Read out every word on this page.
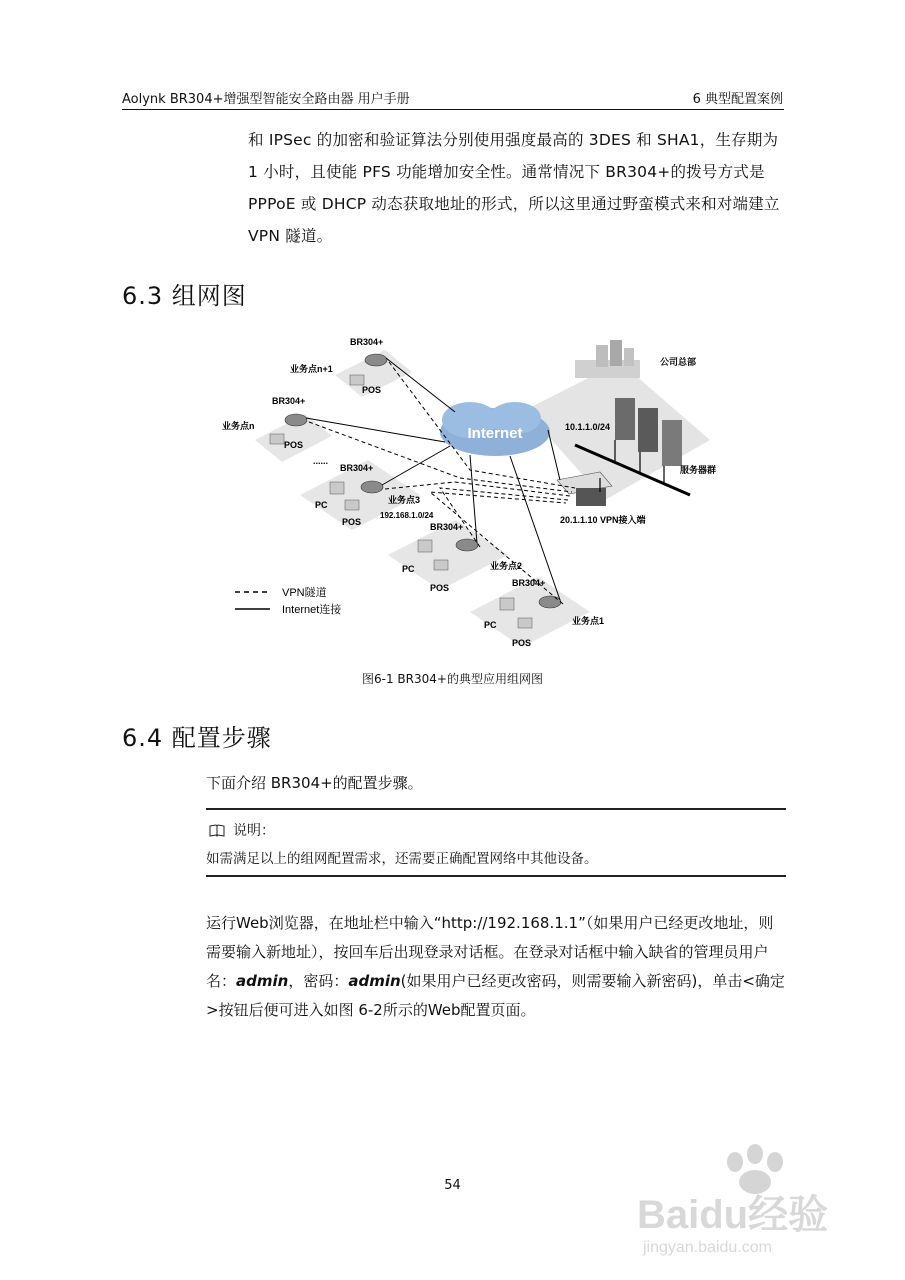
Aolynk BR304+增强型智能安全路由器 用户手册	6 典型配置案例
和 IPSec 的加密和验证算法分别使用强度最高的 3DES 和 SHA1，生存期为 1 小时，且使能 PFS 功能增加安全性。通常情况下 BR304+的拨号方式是 PPPoE 或 DHCP 动态获取地址的形式，所以这里通过野蛮模式来和对端建立 VPN 隧道。
6.3 组网图
Internet
公司总部
10.1.1.0/24
服务器群
20.1.1.10 VPN接入端
BR304+
业务点n+1
POS
BR304+
业务点n
POS
......
BR304+
业务点3
192.168.1.0/24
PC
POS	BR304+
业务点2
PC
POS	BR304+
业务点1
PC
POS
VPN隧道
Internet连接
图6-1 BR304+的典型应用组网图
6.4 配置步骤
下面介绍 BR304+的配置步骤。
说明：
如需满足以上的组网配置需求，还需要正确配置网络中其他设备。
运行Web浏览器，在地址栏中输入“http://192.168.1.1”（如果用户已经更改地址，则需要输入新地址），按回车后出现登录对话框。在登录对话框中输入缺省的管理员用户名：admin，密码：admin(如果用户已经更改密码，则需要输入新密码)，单击<确定>按钮后便可进入如图 6-2所示的Web配置页面。
54
Baidu经验
jingyan.baidu.com
